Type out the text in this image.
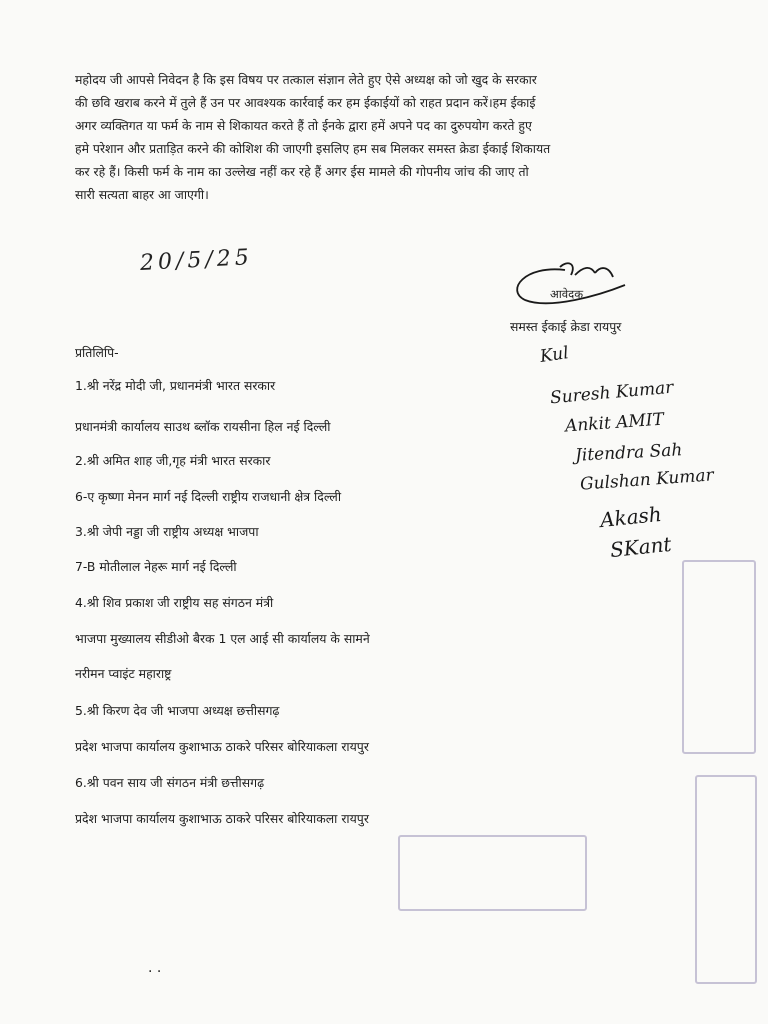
महोदय जी आपसे निवेदन है कि इस विषय पर तत्काल संज्ञान लेते हुए ऐसे अध्यक्ष को जो खुद के सरकार
की छवि खराब करने में तुले हैं उन पर आवश्यक कार्रवाई कर हम ईकाईयों को राहत प्रदान करें।हम ईकाई
अगर व्यक्तिगत या फर्म के नाम से शिकायत करते हैं तो ईनके द्वारा हमें अपने पद का दुरुपयोग करते हुए
हमे परेशान और प्रताड़ित करने की कोशिश की जाएगी इसलिए हम सब मिलकर समस्त क्रेडा ईकाई शिकायत
कर रहे हैं। किसी फर्म के नाम का उल्लेख नहीं कर रहे हैं अगर ईस मामले की गोपनीय जांच की जाए तो
सारी सत्यता बाहर आ जाएगी।
20/5/25
आवेदक
समस्त ईकाई क्रेडा रायपुर
प्रतिलिपि-
1.श्री नरेंद्र मोदी जी, प्रधानमंत्री भारत सरकार
प्रधानमंत्री कार्यालय साउथ ब्लॉक रायसीना हिल नई दिल्ली
2.श्री अमित शाह जी,गृह मंत्री भारत सरकार
6-ए कृष्णा मेनन मार्ग नई दिल्ली राष्ट्रीय राजधानी क्षेत्र दिल्ली
3.श्री जेपी नड्डा जी राष्ट्रीय अध्यक्ष भाजपा
7-B मोतीलाल नेहरू मार्ग नई दिल्ली
4.श्री शिव प्रकाश जी राष्ट्रीय सह संगठन मंत्री
भाजपा मुख्यालय सीडीओ बैरक 1 एल आई सी कार्यालय के सामने
नरीमन प्वाइंट महाराष्ट्र
5.श्री किरण देव जी भाजपा अध्यक्ष छत्तीसगढ़
प्रदेश भाजपा कार्यालय कुशाभाऊ ठाकरे परिसर बोरियाकला रायपुर
6.श्री पवन साय जी संगठन मंत्री छत्तीसगढ़
प्रदेश भाजपा कार्यालय कुशाभाऊ ठाकरे परिसर बोरियाकला रायपुर
Kul
Suresh Kumar
Ankit AMIT
Jitendra Sah
Gulshan Kumar
Akash
SKant
. .
